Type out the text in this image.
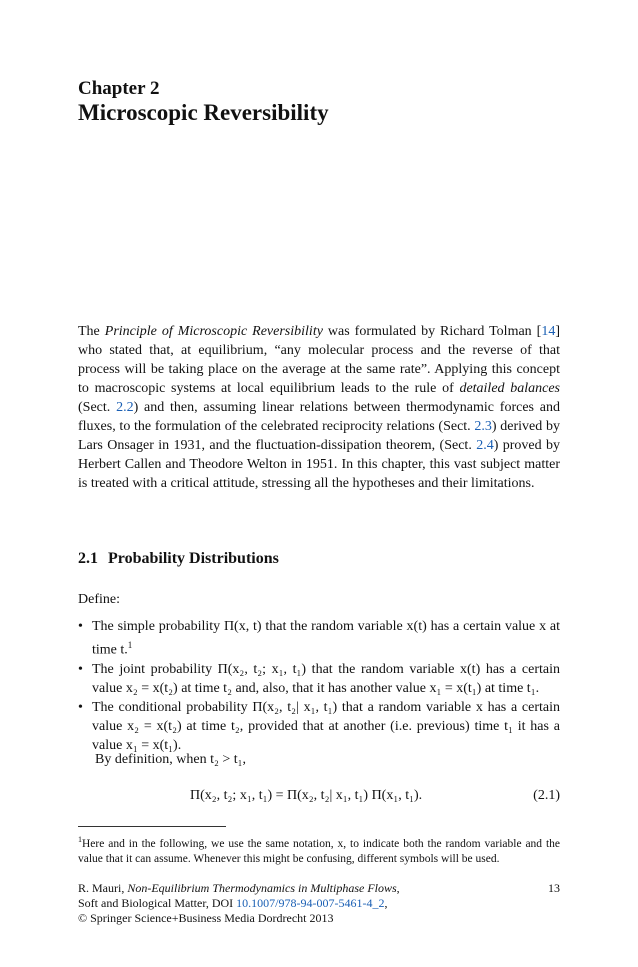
Chapter 2
Microscopic Reversibility
The Principle of Microscopic Reversibility was formulated by Richard Tolman [14] who stated that, at equilibrium, “any molecular process and the reverse of that process will be taking place on the average at the same rate”. Applying this concept to macroscopic systems at local equilibrium leads to the rule of detailed balances (Sect. 2.2) and then, assuming linear relations between thermodynamic forces and fluxes, to the formulation of the celebrated reciprocity relations (Sect. 2.3) derived by Lars Onsager in 1931, and the fluctuation-dissipation theorem, (Sect. 2.4) proved by Herbert Callen and Theodore Welton in 1951. In this chapter, this vast subject matter is treated with a critical attitude, stressing all the hypotheses and their limitations.
2.1 Probability Distributions
Define:
• The simple probability Π(x, t) that the random variable x(t) has a certain value x at time t.$^1$
• The joint probability Π(x₂, t₂; x₁, t₁) that the random variable x(t) has a certain value x₂ = x(t₂) at time t₂ and, also, that it has another value x₁ = x(t₁) at time t₁.
• The conditional probability Π(x₂, t₂| x₁, t₁) that a random variable x has a certain value x₂ = x(t₂) at time t₂, provided that at another (i.e. previous) time t₁ it has a value x₁ = x(t₁).
By definition, when t₂ > t₁,
Π(x₂, t₂; x₁, t₁) = Π(x₂, t₂| x₁, t₁) Π(x₁, t₁).	(2.1)
$^1$Here and in the following, we use the same notation, x, to indicate both the random variable and the value that it can assume. Whenever this might be confusing, different symbols will be used.
R. Mauri, Non-Equilibrium Thermodynamics in Multiphase Flows,
Soft and Biological Matter, DOI 10.1007/978-94-007-5461-4_2,
© Springer Science+Business Media Dordrecht 2013
13
